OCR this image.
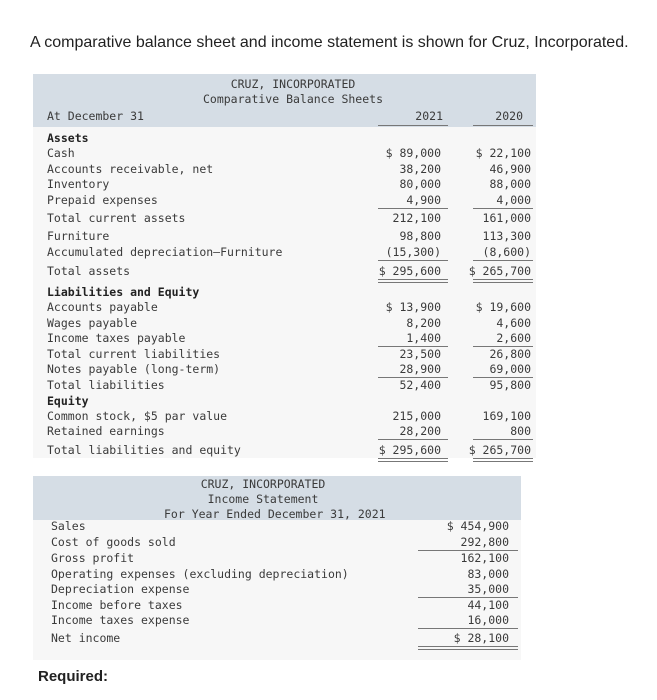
A comparative balance sheet and income statement is shown for Cruz, Incorporated.
CRUZ, INCORPORATED
Comparative Balance Sheets
At December 31	2021	2020
Assets
Cash	$ 89,000	$ 22,100
Accounts receivable, net	38,200	46,900
Inventory	80,000	88,000
Prepaid expenses	4,900	4,000
Total current assets	212,100	161,000
Furniture	98,800	113,300
Accumulated depreciation—Furniture	(15,300)	(8,600)
Total assets	$ 295,600	$ 265,700
Liabilities and Equity
Accounts payable	$ 13,900	$ 19,600
Wages payable	8,200	4,600
Income taxes payable	1,400	2,600
Total current liabilities	23,500	26,800
Notes payable (long-term)	28,900	69,000
Total liabilities	52,400	95,800
Equity
Common stock, $5 par value	215,000	169,100
Retained earnings	28,200	800
Total liabilities and equity	$ 295,600	$ 265,700
CRUZ, INCORPORATED
Income Statement
For Year Ended December 31, 2021
Sales	$ 454,900
Cost of goods sold	292,800
Gross profit	162,100
Operating expenses (excluding depreciation)	83,000
Depreciation expense	35,000
Income before taxes	44,100
Income taxes expense	16,000
Net income	$ 28,100
Required:
